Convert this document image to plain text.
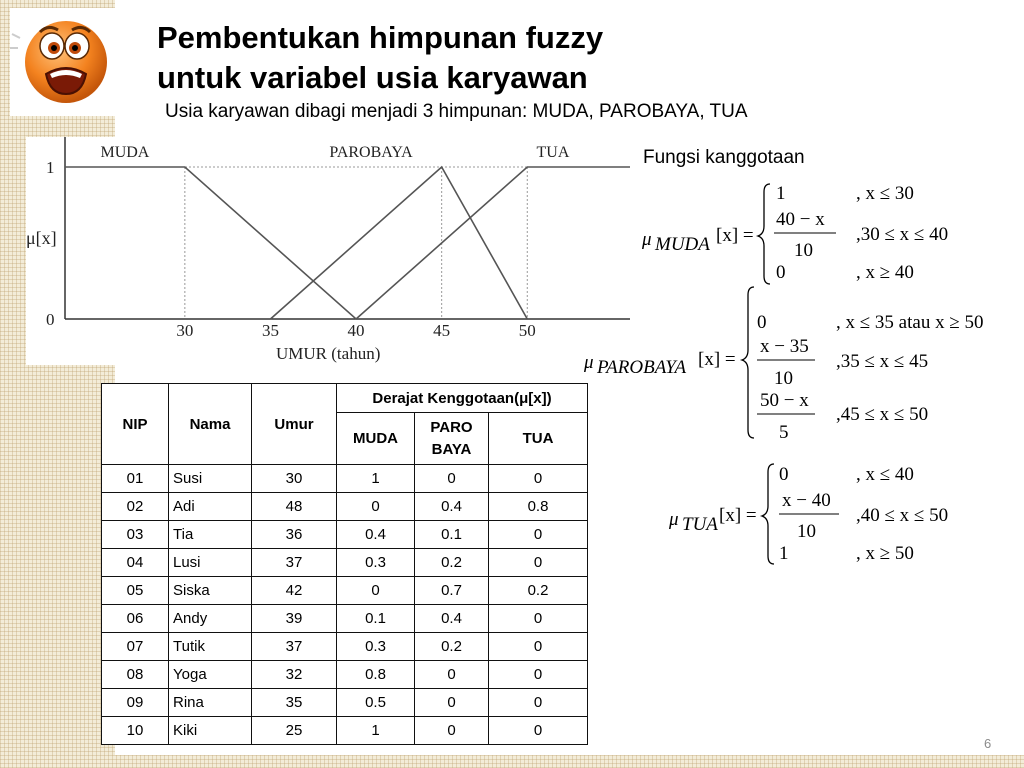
Pembentukan himpunan fuzzy
untuk variabel usia karyawan
Usia karyawan dibagi menjadi 3 himpunan: MUDA, PAROBAYA, TUA
Fungsi kanggotaan
30	35	40	45	50
0
1
μ[x]
UMUR (tahun)
MUDA	PAROBAYA	TUA
NIP	Nama	Umur	Derajat Kenggotaan(μ[x])		
			MUDA	PARO
BAYA	TUA
01	Susi	30	1	0	0
02	Adi	48	0	0.4	0.8
03	Tia	36	0.4	0.1	0
04	Lusi	37	0.3	0.2	0
05	Siska	42	0	0.7	0.2
06	Andy	39	0.1	0.4	0
07	Tutik	37	0.3	0.2	0
08	Yoga	32	0.8	0	0
09	Rina	35	0.5	0	0
10	Kiki	25	1	0	0
μ MUDA [x] =
1	, x ≤ 30
40 − x
10
,30 ≤ x ≤ 40
0	, x ≥ 40
μ PAROBAYA [x] =
0	, x ≤ 35 atau x ≥ 50
x − 35
10
,35 ≤ x ≤ 45
50 − x
5
,45 ≤ x ≤ 50
μ TUA [x] =
0	, x ≤ 40
x − 40
10
,40 ≤ x ≤ 50
1	, x ≥ 50
6
